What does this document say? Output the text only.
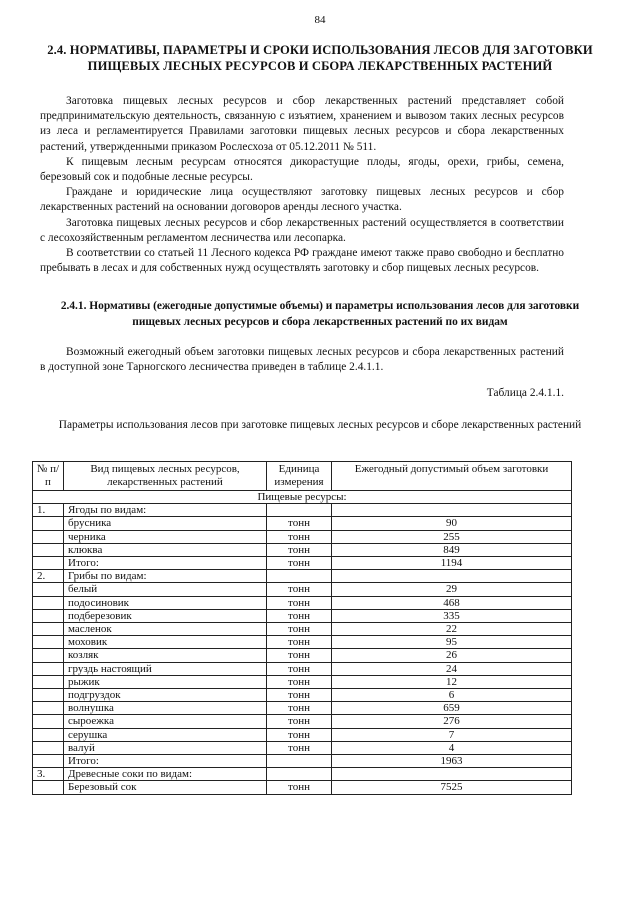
84
2.4. НОРМАТИВЫ, ПАРАМЕТРЫ И СРОКИ ИСПОЛЬЗОВАНИЯ ЛЕСОВ ДЛЯ ЗАГОТОВКИ ПИЩЕВЫХ ЛЕСНЫХ РЕСУРСОВ И СБОРА ЛЕКАРСТВЕННЫХ РАСТЕНИЙ

Заготовка пищевых лесных ресурсов и сбор лекарственных растений представляет собой предпринимательскую деятельность, связанную с изъятием, хранением и вывозом таких лесных ресурсов из леса и регламентируется Правилами заготовки пищевых лесных ресурсов и сбора лекарственных растений, утвержденными приказом Рослесхоза от 05.12.2011 № 511.

К пищевым лесным ресурсам относятся дикорастущие плоды, ягоды, орехи, грибы, семена, березовый сок и подобные лесные ресурсы.

Граждане и юридические лица осуществляют заготовку пищевых лесных ресурсов и сбор лекарственных растений на основании договоров аренды лесного участка.

Заготовка пищевых лесных ресурсов и сбор лекарственных растений осуществляется в соответствии с лесохозяйственным регламентом лесничества или лесопарка.

В соответствии со статьей 11 Лесного кодекса РФ граждане имеют также право свободно и бесплатно пребывать в лесах и для собственных нужд осуществлять заготовку и сбор пищевых лесных ресурсов.

2.4.1. Нормативы (ежегодные допустимые объемы) и параметры использования лесов для заготовки пищевых лесных ресурсов и сбора лекарственных растений по их видам

Возможный ежегодный объем заготовки пищевых лесных ресурсов и сбора лекарственных растений в доступной зоне Тарногского лесничества приведен в таблице 2.4.1.1.

Таблица 2.4.1.1.
Параметры использования лесов при заготовке пищевых лесных ресурсов и сборе лекарственных растений
№ п/п	Вид пищевых лесных ресурсов, лекарственных растений	Единица измерения	Ежегодный допустимый объем заготовки
Пищевые ресурсы:			
1.	Ягоды по видам:		
	брусника	тонн	90
	черника	тонн	255
	клюква	тонн	849
	Итого:	тонн	1194
2.	Грибы по видам:		
	белый	тонн	29
	подосиновик	тонн	468
	подберезовик	тонн	335
	масленок	тонн	22
	моховик	тонн	95
	козляк	тонн	26
	груздь настоящий	тонн	24
	рыжик	тонн	12
	подгруздок	тонн	6
	волнушка	тонн	659
	сыроежка	тонн	276
	серушка	тонн	7
	валуй	тонн	4
	Итого:		1963
3.	Древесные соки по видам:		
	Березовый сок	тонн	7525
